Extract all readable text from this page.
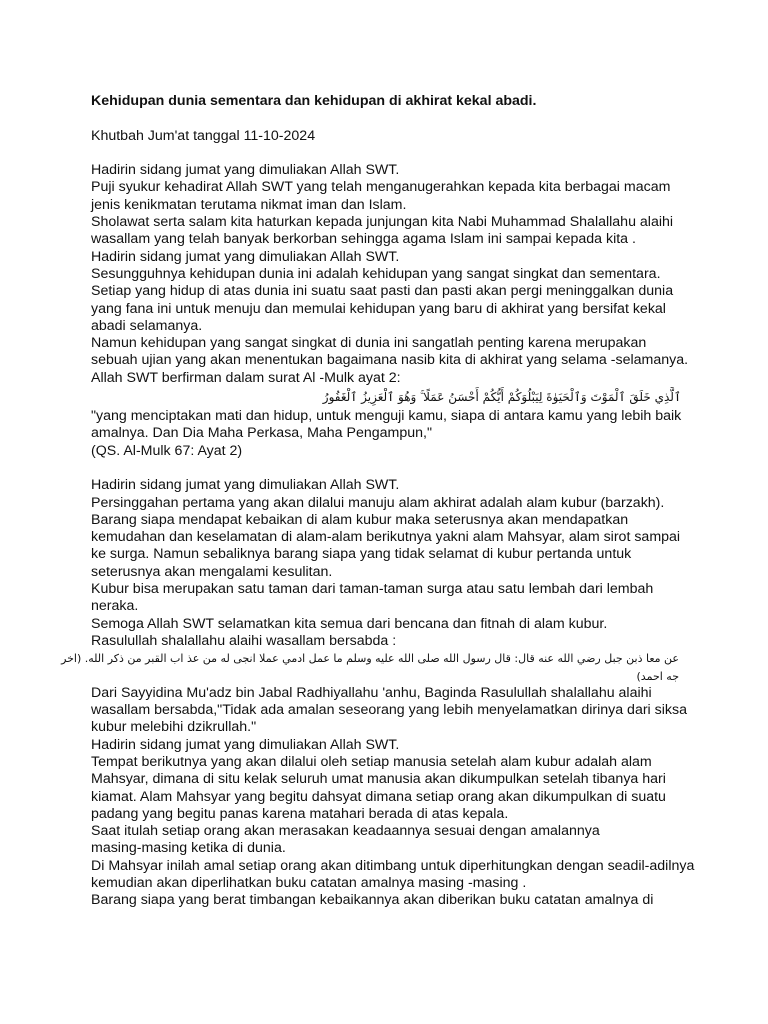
Kehidupan dunia sementara dan kehidupan di akhirat kekal abadi.
Khutbah Jum'at tanggal 11-10-2024
Hadirin sidang jumat yang dimuliakan Allah SWT.
Puji syukur kehadirat Allah SWT yang telah menganugerahkan kepada kita berbagai macam
jenis kenikmatan terutama nikmat iman dan Islam.
Sholawat serta salam kita haturkan kepada junjungan kita Nabi Muhammad Shalallahu alaihi
wasallam yang telah banyak berkorban sehingga agama Islam ini sampai kepada kita .
Hadirin sidang jumat yang dimuliakan Allah SWT.
Sesungguhnya kehidupan dunia ini adalah kehidupan yang sangat singkat dan sementara.
Setiap yang hidup di atas dunia ini suatu saat pasti dan pasti akan pergi meninggalkan dunia
yang fana ini untuk menuju dan memulai kehidupan yang baru di akhirat yang bersifat kekal
abadi selamanya.
Namun kehidupan yang sangat singkat di dunia ini sangatlah penting karena merupakan
sebuah ujian yang akan menentukan bagaimana nasib kita di akhirat yang selama -selamanya.
Allah SWT berfirman dalam surat Al -Mulk ayat 2:
ٱلَّذِي خَلَقَ ٱلْمَوْتَ وَٱلْحَيَوٰةَ لِيَبْلُوَكُمْ أَيُّكُمْ أَحْسَنُ عَمَلًا ۚ وَهُوَ ٱلْعَزِيزُ ٱلْغَفُورُ
"yang menciptakan mati dan hidup, untuk menguji kamu, siapa di antara kamu yang lebih baik
amalnya. Dan Dia Maha Perkasa, Maha Pengampun,"
(QS. Al-Mulk 67: Ayat 2)
Hadirin sidang jumat yang dimuliakan Allah SWT.
Persinggahan pertama yang akan dilalui manuju alam akhirat adalah alam kubur (barzakh).
Barang siapa mendapat kebaikan di alam kubur maka seterusnya akan mendapatkan
kemudahan dan keselamatan di alam-alam berikutnya yakni alam Mahsyar, alam sirot sampai
ke surga. Namun sebaliknya barang siapa yang tidak selamat di kubur pertanda untuk
seterusnya akan mengalami kesulitan.
Kubur bisa merupakan satu taman dari taman-taman surga atau satu lembah dari lembah
neraka.
Semoga Allah SWT selamatkan kita semua dari bencana dan fitnah di alam kubur.
Rasulullah shalallahu alaihi wasallam bersabda :
عن معا ذبن جبل رضي الله عنه قال: قال رسول الله صلى الله عليه وسلم ما عمل ادمي عملا انجى له من عذ اب القبر من ذكر الله. (اخر
جه احمد)
Dari Sayyidina Mu'adz bin Jabal Radhiyallahu 'anhu, Baginda Rasulullah shalallahu alaihi
wasallam bersabda,"Tidak ada amalan seseorang yang lebih menyelamatkan dirinya dari siksa
kubur melebihi dzikrullah."
Hadirin sidang jumat yang dimuliakan Allah SWT.
Tempat berikutnya yang akan dilalui oleh setiap manusia setelah alam kubur adalah alam
Mahsyar, dimana di situ kelak seluruh umat manusia akan dikumpulkan setelah tibanya hari
kiamat. Alam Mahsyar yang begitu dahsyat dimana setiap orang akan dikumpulkan di suatu
padang yang begitu panas karena matahari berada di atas kepala.
Saat itulah setiap orang akan merasakan keadaannya sesuai dengan amalannya
masing-masing ketika di dunia.
Di Mahsyar inilah amal setiap orang akan ditimbang untuk diperhitungkan dengan seadil-adilnya
kemudian akan diperlihatkan buku catatan amalnya masing -masing .
Barang siapa yang berat timbangan kebaikannya akan diberikan buku catatan amalnya di
